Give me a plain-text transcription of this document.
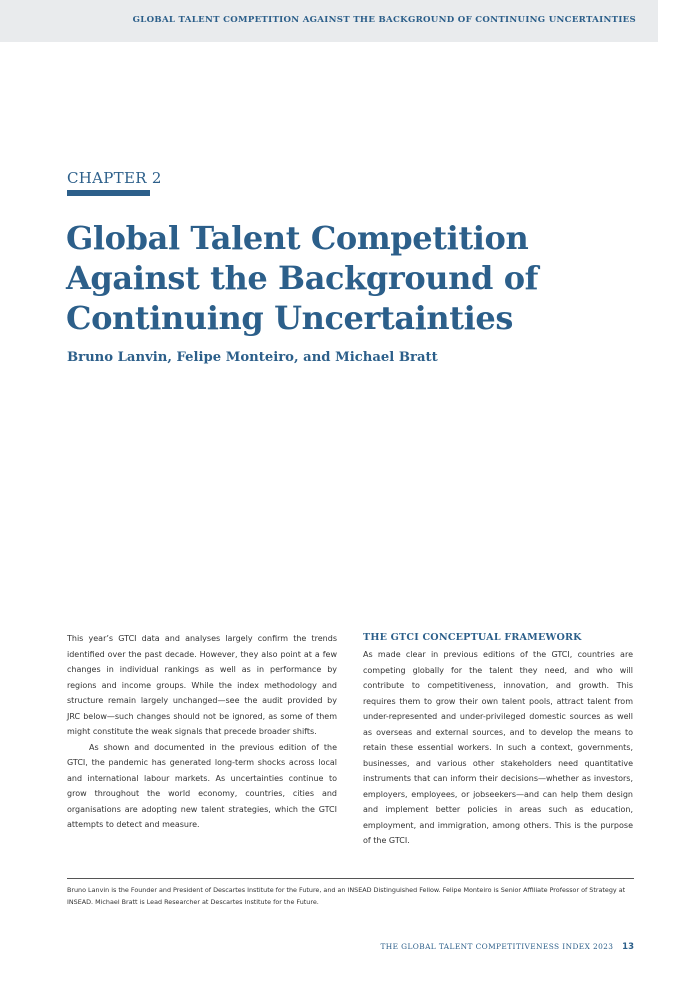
GLOBAL TALENT COMPETITION AGAINST THE BACKGROUND OF CONTINUING UNCERTAINTIES
CHAPTER 2
Global Talent Competition
Against the Background of
Continuing Uncertainties
Bruno Lanvin, Felipe Monteiro, and Michael Bratt

This year’s GTCI data and analyses largely confirm the trends identified over the past decade. However, they also point at a few changes in individual rankings as well as in performance by regions and income groups. While the index methodology and structure remain largely unchanged—see the audit provided by JRC below—such changes should not be ignored, as some of them might constitute the weak signals that precede broader shifts.

As shown and documented in the previous edition of the GTCI, the pandemic has generated long-term shocks across local and international labour markets. As uncertainties continue to grow throughout the world economy, countries, cities and organisations are adopting new talent strategies, which the GTCI attempts to detect and measure.

THE GTCI CONCEPTUAL FRAMEWORK

As made clear in previous editions of the GTCI, countries are competing globally for the talent they need, and who will contribute to competitiveness, innovation, and growth. This requires them to grow their own talent pools, attract talent from under-represented and under-privileged domestic sources as well as overseas and external sources, and to develop the means to retain these essential workers. In such a context, governments, businesses, and various other stakeholders need quantitative instruments that can inform their decisions—whether as investors, employers, employees, or jobseekers—and can help them design and implement better policies in areas such as education, employment, and immigration, among others. This is the purpose of the GTCI.

Bruno Lanvin is the Founder and President of Descartes Institute for the Future, and an INSEAD Distinguished Fellow. Felipe Monteiro is Senior Affiliate Professor of Strategy at INSEAD. Michael Bratt is Lead Researcher at Descartes Institute for the Future.
THE GLOBAL TALENT COMPETITIVENESS INDEX 2023 13
